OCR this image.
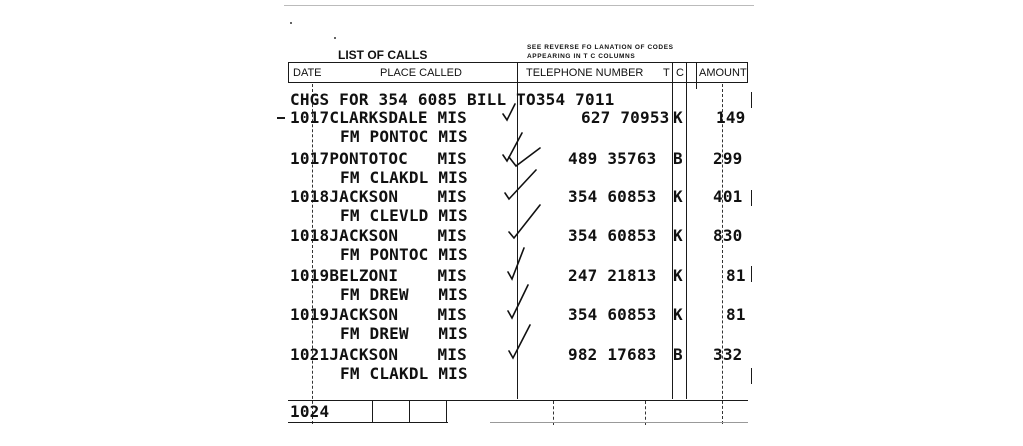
LIST OF CALLS
SEE REVERSE FO LANATION OF CODES
APPEARING IN T C COLUMNS
DATE	PLACE CALLED	TELEPHONE NUMBER T C AMOUNT
CHGS FOR 354 6085 BILL TO354 7011
1017CLARKSDALE MIS	627 70953 K 149
FM PONTOC MIS
1017PONTOTOC   MIS	489 35763 B 299
FM CLAKDL MIS
1018JACKSON    MIS	354 60853 K 401
FM CLEVLD MIS
1018JACKSON    MIS	354 60853 K 830
FM PONTOC MIS
1019BELZONI    MIS	247 21813 K	81
FM DREW   MIS
1019JACKSON    MIS	354 60853 K	81
FM DREW   MIS
1021JACKSON    MIS	982 17683 B 332
FM CLAKDL MIS
1024
